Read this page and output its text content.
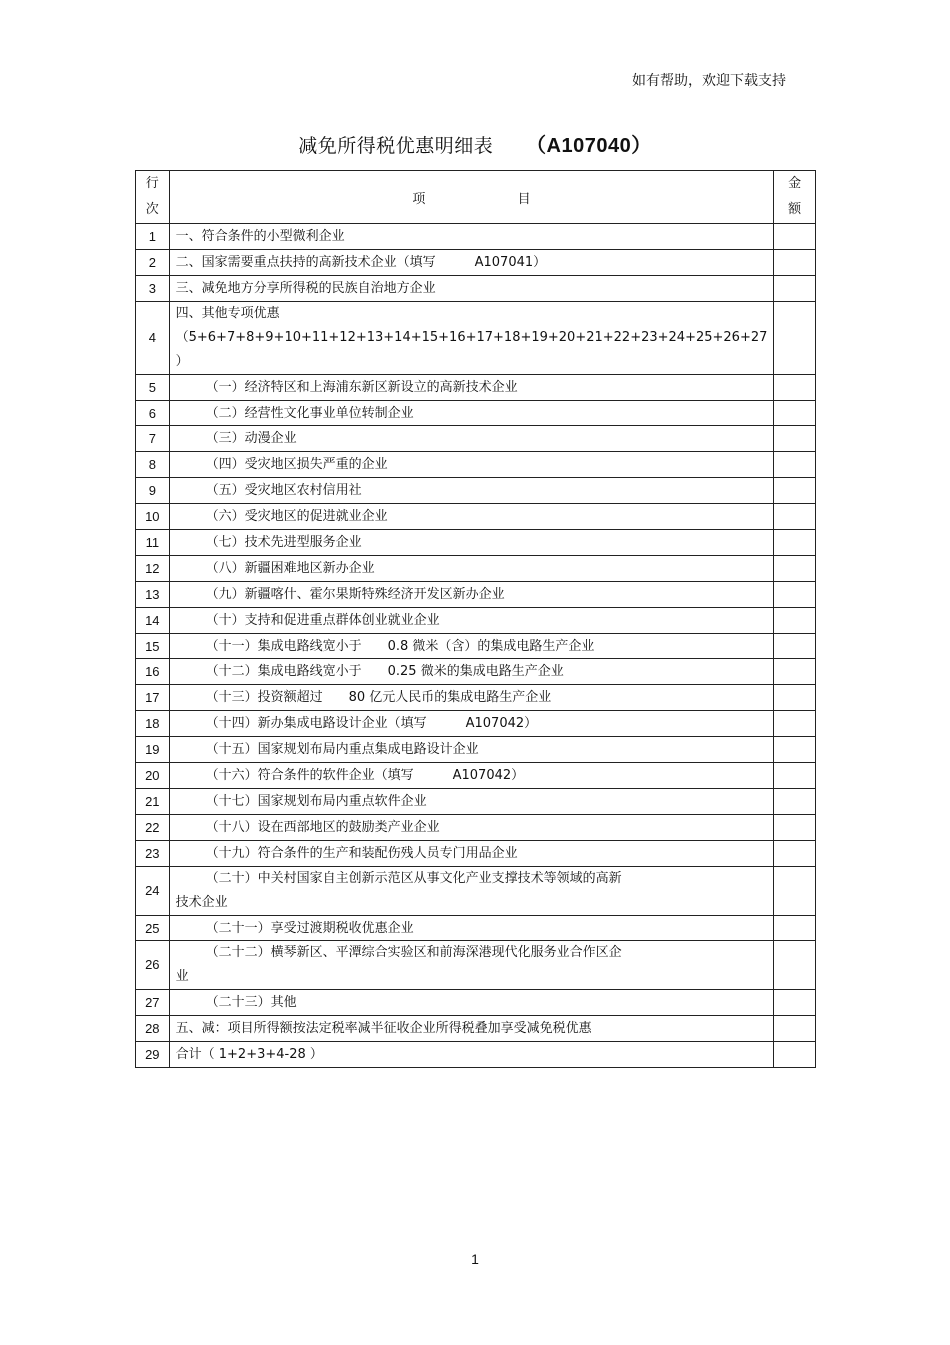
如有帮助，欢迎下载支持
减免所得税优惠明细表 （A107040）
行
次	项 目	金
额

1	一、符合条件的小型微利企业	
2	二、国家需要重点扶持的高新技术企业（填写　　　A107041）	
3	三、减免地方分享所得税的民族自治地方企业	
4	四、其他专项优惠
（5+6+7+8+9+10+11+12+13+14+15+16+17+18+19+20+21+22+23+24+25+26+27 ）	

5	（一）经济特区和上海浦东新区新设立的高新技术企业	
6	（二）经营性文化事业单位转制企业	
7	（三）动漫企业	
8	（四）受灾地区损失严重的企业	
9	（五）受灾地区农村信用社	
10	（六）受灾地区的促进就业企业	
11	（七）技术先进型服务企业	
12	（八）新疆困难地区新办企业	
13	（九）新疆喀什、霍尔果斯特殊经济开发区新办企业	
14	（十）支持和促进重点群体创业就业企业	
15	（十一）集成电路线宽小于　　0.8 微米（含）的集成电路生产企业	
16	（十二）集成电路线宽小于　　0.25 微米的集成电路生产企业	
17	（十三）投资额超过　　80 亿元人民币的集成电路生产企业	
18	（十四）新办集成电路设计企业（填写　　　A107042）	
19	（十五）国家规划布局内重点集成电路设计企业	
20	（十六）符合条件的软件企业（填写　　　A107042）	
21	（十七）国家规划布局内重点软件企业	
22	（十八）设在西部地区的鼓励类产业企业	
23	（十九）符合条件的生产和装配伤残人员专门用品企业	
24	（二十）中关村国家自主创新示范区从事文化产业支撑技术等领域的高新
技术企业	

25	（二十一）享受过渡期税收优惠企业	
26	（二十二）横琴新区、平潭综合实验区和前海深港现代化服务业合作区企
业	

27	（二十三）其他	
28	五、减：项目所得额按法定税率减半征收企业所得税叠加享受减免税优惠	
29	合计（ 1+2+3+4-28 ）	
1
